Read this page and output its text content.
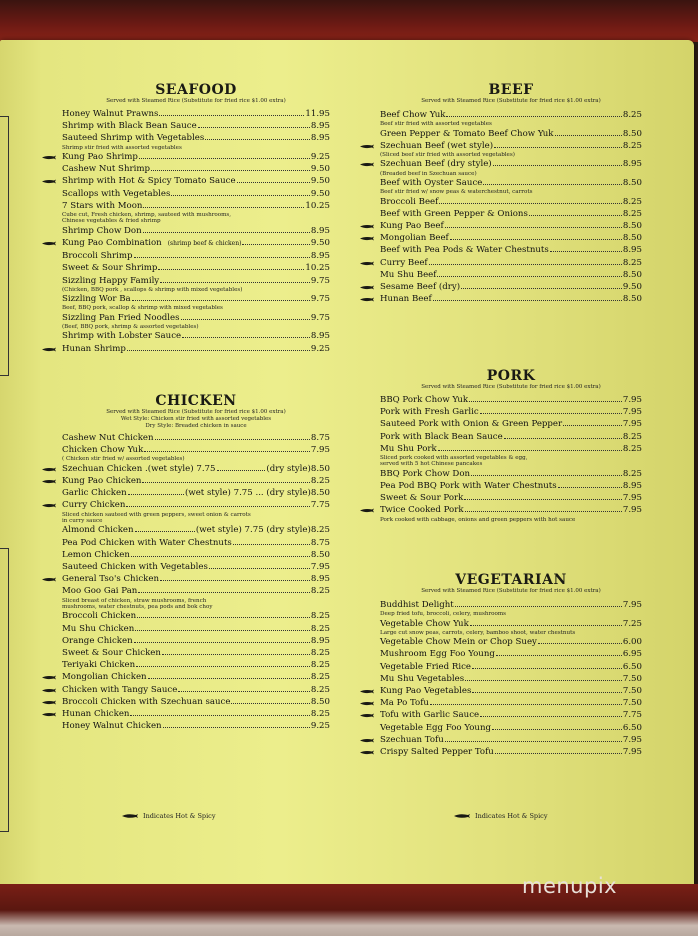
SEAFOOD

Served with Steamed Rice (Substitute for fried rice $1.00 extra)

Honey Walnut Prawns	11.95
Shrimp with Black Bean Sauce	8.95
Sauteed Shrimp with Vegetables	8.95
Shrimp stir fried with assorted vegetables
Kung Pao Shrimp	9.25
Cashew Nut Shrimp	9.50
Shrimp with Hot & Spicy Tomato Sauce	9.50
Scallops with Vegetables	9.50
7 Stars with Moon	10.25
Cube cut, Fresh chicken, shrimp, sauteed with mushrooms,
Chinese vegetables & fried shrimp
Shrimp Chow Don	8.95
Kung Pao Combination (shrimp beef & chicken)	9.50
Broccoli Shrimp	8.95
Sweet & Sour Shrimp	10.25
Sizzling Happy Family	9.75
(Chicken, BBQ pork , scallops & shrimp with mixed vegetables)
Sizzling Wor Ba	9.75
Beef, BBQ pork, scallop & shrimp with mixed vegetables
Sizzling Pan Fried Noodles	9.75
(Beef, BBQ pork, shrimp & assorted vegetables)
Shrimp with Lobster Sauce	8.95
Hunan Shrimp	9.25
CHICKEN

Served with Steamed Rice (Substitute for fried rice $1.00 extra)

Wet Style: Chicken stir fried with assorted vegetables

Dry Style: Breaded chicken in sauce

Cashew Nut Chicken	8.75
Chicken Chow Yuk	7.95
( Chicken stir fried w/ assorted vegetables)
Szechuan Chicken .(wet style) 7.75	(dry style) 8.50
Kung Pao Chicken	8.25
Garlic Chicken	(wet style) 7.75 ... (dry style) 8.50
Curry Chicken	7.75
Sliced chicken sauteed with green peppers, sweet onion & carrots
in curry sauce
Almond Chicken	(wet style) 7.75 (dry style) 8.25
Pea Pod Chicken with Water Chestnuts	8.75
Lemon Chicken	8.50
Sauteed Chicken with Vegetables	7.95
General Tso's Chicken	8.95
Moo Goo Gai Pan	8.25
Sliced breast of chicken, straw mushrooms, french
mushrooms, water chestnuts, pea pods and bok choy
Broccoli Chicken	8.25
Mu Shu Chicken	8.25
Orange Chicken	8.95
Sweet & Sour Chicken	8.25
Teriyaki Chicken	8.25
Mongolian Chicken	8.25
Chicken with Tangy Sauce	8.25
Broccoli Chicken with Szechuan sauce	8.50
Hunan Chicken	8.25
Honey Walnut Chicken	9.25
Indicates Hot & Spicy
BEEF

Served with Steamed Rice (Substitute for fried rice $1.00 extra)

Beef Chow Yuk	8.25
Beef stir fried with assorted vegetables
Green Pepper & Tomato Beef Chow Yuk	8.50
Szechuan Beef (wet style)	8.25
(Sliced beef stir fried with assorted vegetables)
Szechuan Beef (dry style)	8.95
(Breaded beef in Szechuan sauce)
Beef with Oyster Sauce	8.50
Beef stir fried w/ snow peas & waterchestnut, carrots
Broccoli Beef	8.25
Beef with Green Pepper & Onions	8.25
Kung Pao Beef	8.50
Mongolian Beef	8.50
Beef with Pea Pods & Water Chestnuts	8.95
Curry Beef	8.25
Mu Shu Beef	8.50
Sesame Beef (dry)	9.50
Hunan Beef	8.50
PORK

Served with Steamed Rice (Substitute for fried rice $1.00 extra)

BBQ Pork Chow Yuk	7.95
Pork with Fresh Garlic	7.95
Sauteed Pork with Onion & Green Pepper	7.95
Pork with Black Bean Sauce	8.25
Mu Shu Pork	8.25
Sliced pork cooked with assorted vegetables & egg,
served with 5 hot Chinese pancakes
BBQ Pork Chow Don	8.25
Pea Pod BBQ Pork with Water Chestnuts	8.95
Sweet & Sour Pork	7.95
Twice Cooked Pork	7.95
Pork cooked with cabbage, onions and green peppers with hot sauce
VEGETARIAN

Served with Steamed Rice (Substitute for fried rice $1.00 extra)

Buddhist Delight	7.95
Deep fried tofu, broccoli, celery, mushrooms
Vegetable Chow Yuk	7.25
Large cut snow peas, carrots, celery, bamboo shoot, water chestnuts
Vegetable Chow Mein or Chop Suey	6.00
Mushroom Egg Foo Young	6.95
Vegetable Fried Rice	6.50
Mu Shu Vegetables	7.50
Kung Pao Vegetables	7.50
Ma Po Tofu	7.50
Tofu with Garlic Sauce	7.75
Vegetable Egg Foo Young	6.50
Szechuan Tofu	7.95
Crispy Salted Pepper Tofu	7.95
Indicates Hot & Spicy
menupix
